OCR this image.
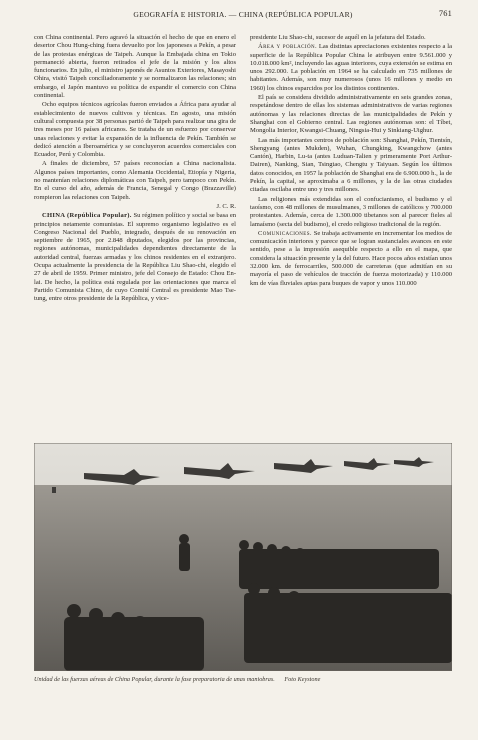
GEOGRAFÍA E HISTORIA. — CHINA (REPÚBLICA POPULAR)	761

con China continental. Pero agravó la situación el hecho de que en enero el desertor Chou Hung-ching fuera devuelto por los japoneses a Pekín, a pesar de las protestas enérgicas de Taipeh. Aunque la Embajada china en Tokio permaneció abierta, fueron retirados el jefe de la misión y los altos funcionarios. En julio, el ministro japonés de Asuntos Exteriores, Masayoshi Ohira, visitó Taipeh conciliadoramente y se normalizaron las relaciones; sin embargo, el Japón mantuvo su política de expandir el comercio con China continental.

Ocho equipos técnicos agrícolas fueron enviados a África para ayudar al establecimiento de nuevos cultivos y técnicas. En agosto, una misión cultural compuesta por 38 personas partió de Taipeh para realizar una gira de tres meses por 16 países africanos. Se trataba de un esfuerzo por conservar unas relaciones y evitar la expansión de la influencia de Pekín. También se dedicó atención a Iberoamérica y se concluyeron acuerdos comerciales con Ecuador, Perú y Colombia.

A finales de diciembre, 57 países reconocían a China nacionalista. Algunos países importantes, como Alemania Occidental, Etiopía y Nigeria, no mantenían relaciones diplomáticas con Taipeh, pero tampoco con Pekín. En el curso del año, además de Francia, Senegal y Congo (Brazzaville) rompieron las relaciones con Taipeh.

J. C. R.

CHINA (República Popular). Su régimen político y social se basa en principios netamente comunistas. El supremo organismo legislativo es el Congreso Nacional del Pueblo, integrado, después de su renovación en septiembre de 1965, por 2.848 diputados, elegidos por las provincias, regiones autónomas, municipalidades dependientes directamente de la autoridad central, fuerzas armadas y los chinos residentes en el extranjero. Ocupa actualmente la presidencia de la República Liu Shao-chi, elegido el 27 de abril de 1959. Primer ministro, jefe del Consejo de Estado: Chou En-lai. De hecho, la política está regulada por las orientaciones que marca el Partido Comunista Chino, de cuyo Comité Central es presidente Mao Tse-tung, entre otros presidente de la República, y vice-

presidente Liu Shao-chi, sucesor de aquél en la jefatura del Estado.

Área y población. Las distintas apreciaciones existentes respecto a la superficie de la República Popular China le atribuyen entre 9.561.000 y 10.018.000 km², incluyendo las aguas interiores, cuya extensión se estima en unos 292.000. La población en 1964 se ha calculado en 735 millones de habitantes. Además, son muy numerosos (unos 16 millones y medio en 1960) los chinos esparcidos por los distintos continentes.

El país se considera dividido administrativamente en seis grandes zonas, respetándose dentro de ellas los sistemas administrativos de varias regiones autónomas y las relaciones directas de las municipalidades de Pekín y Shanghai con el Gobierno central. Las regiones autónomas son: el Tíbet, Mongolia Interior, Kwangsi-Chuang, Ningsia-Hui y Sinkiang-Uighur.

Las más importantes centros de población son: Shanghai, Pekín, Tientsín, Shengyang (antes Mukden), Wuhan, Chungking, Kwangchow (antes Cantón), Harbin, Lu-ta (antes Luduan-Talien y primeramente Port Arthur-Dairen), Nanking, Sian, Tsingtao, Chengtu y Taiyuan. Según los últimos datos conocidos, en 1957 la población de Shanghai era de 6.900.000 h., la de Pekín, la capital, se aproximaba a 6 millones, y la de las otras ciudades citadas oscilaba entre uno y tres millones.

Las religiones más extendidas son el confucianismo, el budismo y el taoísmo, con 48 millones de musulmanes, 3 millones de católicos y 700.000 protestantes. Además, cerca de 1.300.000 tibetanos son al parecer fieles al lamaísmo (secta del budismo), el credo religioso tradicional de la región.

Comunicaciones. Se trabaja activamente en incrementar los medios de comunicación interiores y parece que se logran sustanciales avances en este sentido, pese a la impresión asequible respecto a ello en el mapa, que considera la situación presente y la del futuro. Hace pocos años existían unos 32.000 km. de ferrocarriles, 500.000 de carreteras (que admitían en su mayoría el paso de vehículos de tracción de fuerza motorizada) y 110.000 km de vías fluviales aptas para buques de vapor y unos 110.000

Unidad de las fuerzas aéreas de China Popular, durante la fase preparatoria de unas maniobras. Foto Keystone
